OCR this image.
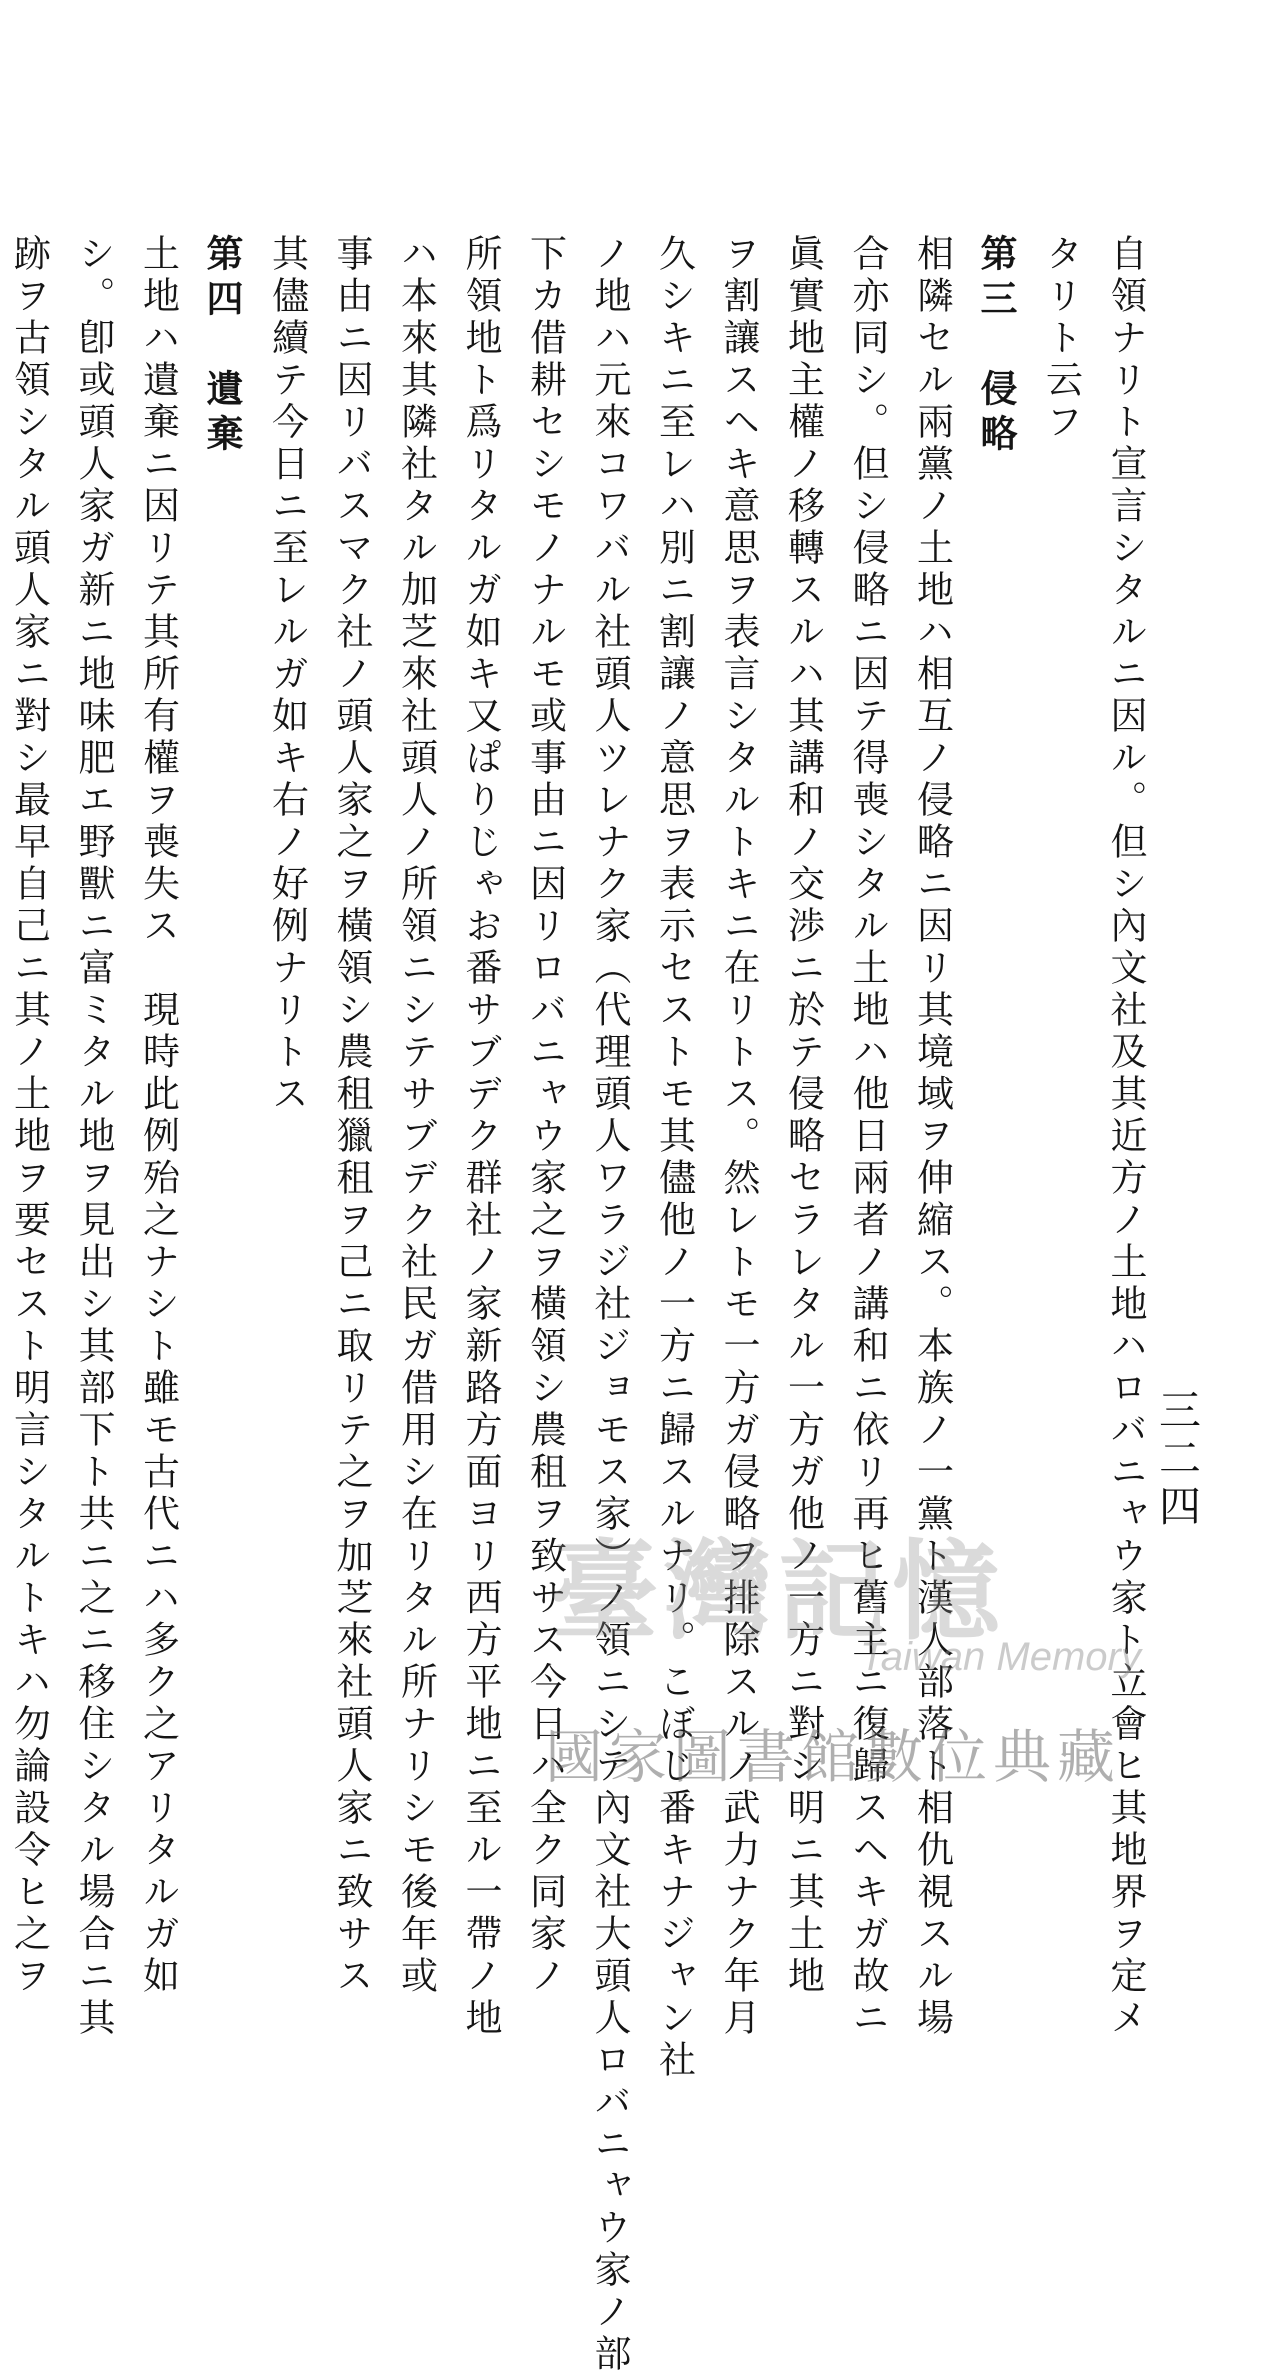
三二四
自領ナリト宣言シタルニ因ル。但シ內文社及其近方ノ土地ハロバニャウ家ト立會ヒ其地界ヲ定メ
タリト云フ
第三　侵略
相隣セル兩黨ノ土地ハ相互ノ侵略ニ因リ其境域ヲ伸縮ス。本族ノ一黨ト漢人部落ト相仇視スル場
合亦同シ。但シ侵略ニ因テ得喪シタル土地ハ他日兩者ノ講和ニ依リ再ヒ舊主ニ復歸スヘキガ故ニ
眞實地主權ノ移轉スルハ其講和ノ交渉ニ於テ侵略セラレタル一方ガ他ノ一方ニ對シ明ニ其土地
ヲ割讓スヘキ意思ヲ表言シタルトキニ在リトス。然レトモ一方ガ侵略ヲ排除スルノ武力ナク年月
久シキニ至レハ別ニ割讓ノ意思ヲ表示セストモ其儘他ノ一方ニ歸スルナリ。こぼじ番キナジャン社
ノ地ハ元來コワバル社頭人ツレナク家（代理頭人ワラジ社ジョモス家）ノ領ニシテ內文社大頭人ロバニャウ家ノ部
下カ借耕セシモノナルモ或事由ニ因リロバニャウ家之ヲ橫領シ農租ヲ致サス今日ハ全ク同家ノ
所領地ト爲リタルガ如キ又ぱりじゃお番サブデク群社ノ家新路方面ヨリ西方平地ニ至ル一帶ノ地
ハ本來其隣社タル加芝來社頭人ノ所領ニシテサブデク社民ガ借用シ在リタル所ナリシモ後年或
事由ニ因リバスマク社ノ頭人家之ヲ橫領シ農租獵租ヲ己ニ取リテ之ヲ加芝來社頭人家ニ致サス
其儘續テ今日ニ至レルガ如キ右ノ好例ナリトス
第四　遺棄
土地ハ遺棄ニ因リテ其所有權ヲ喪失ス　現時此例殆之ナシト雖モ古代ニハ多ク之アリタルガ如
シ。卽或頭人家ガ新ニ地味肥エ野獸ニ富ミタル地ヲ見出シ其部下ト共ニ之ニ移住シタル場合ニ其
跡ヲ古領シタル頭人家ニ對シ最早自己ニ其ノ土地ヲ要セスト明言シタルトキハ勿論設令ヒ之ヲ	臺灣記憶
Taiwan Memory
國家圖書館數位典藏
